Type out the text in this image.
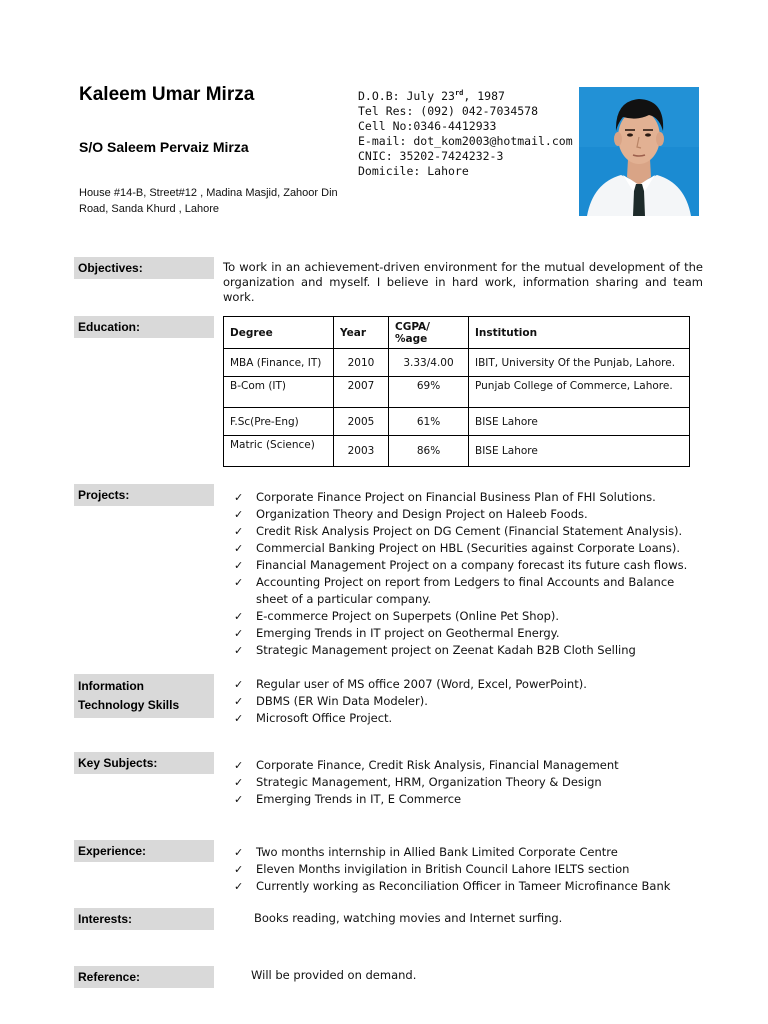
Kaleem Umar Mirza
S/O Saleem Pervaiz Mirza
House #14-B, Street#12 , Madina Masjid, Zahoor Din Road, Sanda Khurd , Lahore
D.O.B: July 23rd, 1987
Tel Res: (092) 042-7034578
Cell No:0346-4412933
E-mail: dot_kom2003@hotmail.com
CNIC: 35202-7424232-3
Domicile: Lahore
Objectives:	To work in an achievement-driven environment for the mutual development of the organization and myself. I believe in hard work, information sharing and team work.
Education:	Degree	Year	CGPA/ %age	Institution
MBA (Finance, IT)	2010	3.33/4.00	IBIT, University Of the Punjab, Lahore.
B-Com (IT)	2007	69%	Punjab College of Commerce, Lahore.
F.Sc(Pre-Eng)	2005	61%	BISE Lahore
Matric (Science)	2003	86%	BISE Lahore
Projects:	✓ Corporate Finance Project on Financial Business Plan of FHI Solutions.
✓ Organization Theory and Design Project on Haleeb Foods.
✓ Credit Risk Analysis Project on DG Cement (Financial Statement Analysis).
✓ Commercial Banking Project on HBL (Securities against Corporate Loans).
✓ Financial Management Project on a company forecast its future cash flows.
✓ Accounting Project on report from Ledgers to final Accounts and Balance
sheet of a particular company.
✓ E-commerce Project on Superpets (Online Pet Shop).
✓ Emerging Trends in IT project on Geothermal Energy.
✓ Strategic Management project on Zeenat Kadah B2B Cloth Selling
Information Technology Skills
✓ Regular user of MS office 2007 (Word, Excel, PowerPoint).
✓ DBMS (ER Win Data Modeler).
✓ Microsoft Office Project.
Key Subjects:	✓ Corporate Finance, Credit Risk Analysis, Financial Management
✓ Strategic Management, HRM, Organization Theory & Design
✓ Emerging Trends in IT, E Commerce
Experience:	✓ Two months internship in Allied Bank Limited Corporate Centre
✓ Eleven Months invigilation in British Council Lahore IELTS section
✓ Currently working as Reconciliation Officer in Tameer Microfinance Bank
Interests:	Books reading, watching movies and Internet surfing.
Reference:	Will be provided on demand.
